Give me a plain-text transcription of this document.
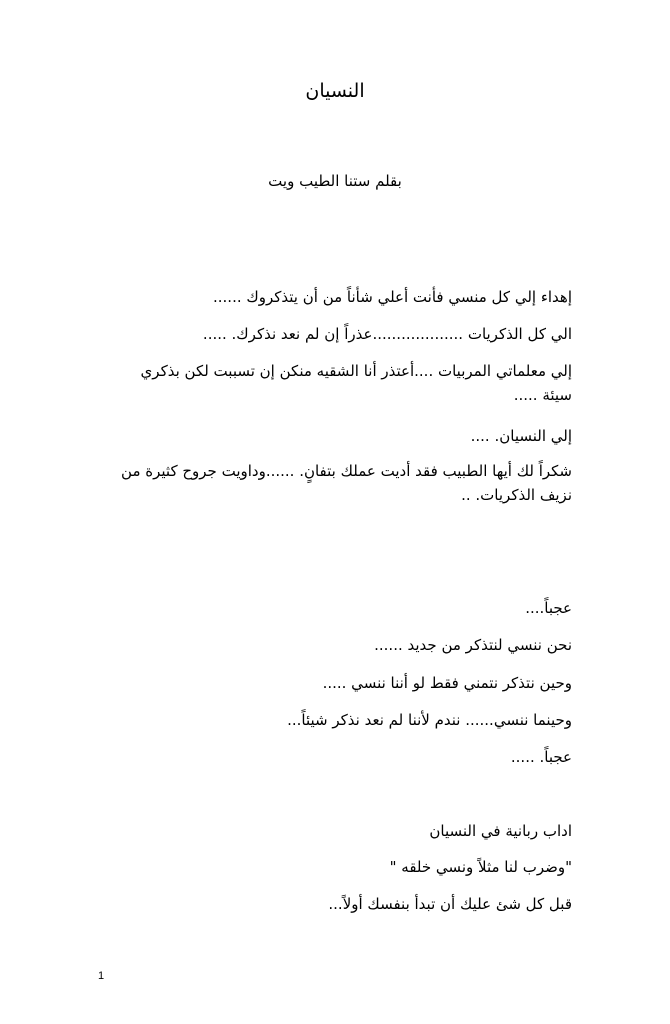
النسيان
بقلم ستنا الطيب ويت

إهداء إلي كل منسي فأنت أعلي شأناً من أن يتذكروك ......

الي كل الذكريات ...................عذراً إن لم نعد نذكرك. .....

إلي معلماتي المربيات ....أعتذر أنا الشقيه منكن إن تسببت لكن بذكري سيئة .....

إلي النسيان. ....

شكراً لك أيها الطبيب فقد أديت عملك بتفانٍ. ......وداويت جروح كثيرة من نزيف الذكريات. ..

عجباً....

نحن ننسي لنتذكر من جديد ......

وحين نتذكر نتمني فقط لو أننا ننسي .....

وحينما ننسي...... نندم لأننا لم نعد نذكر شيئاً...

عجباً. .....

اداب ربانية في النسيان

"وضرب لنا مثلاً ونسي خلقه "

قبل كل شئ عليك أن تبدأ بنفسك أولاً...

1
